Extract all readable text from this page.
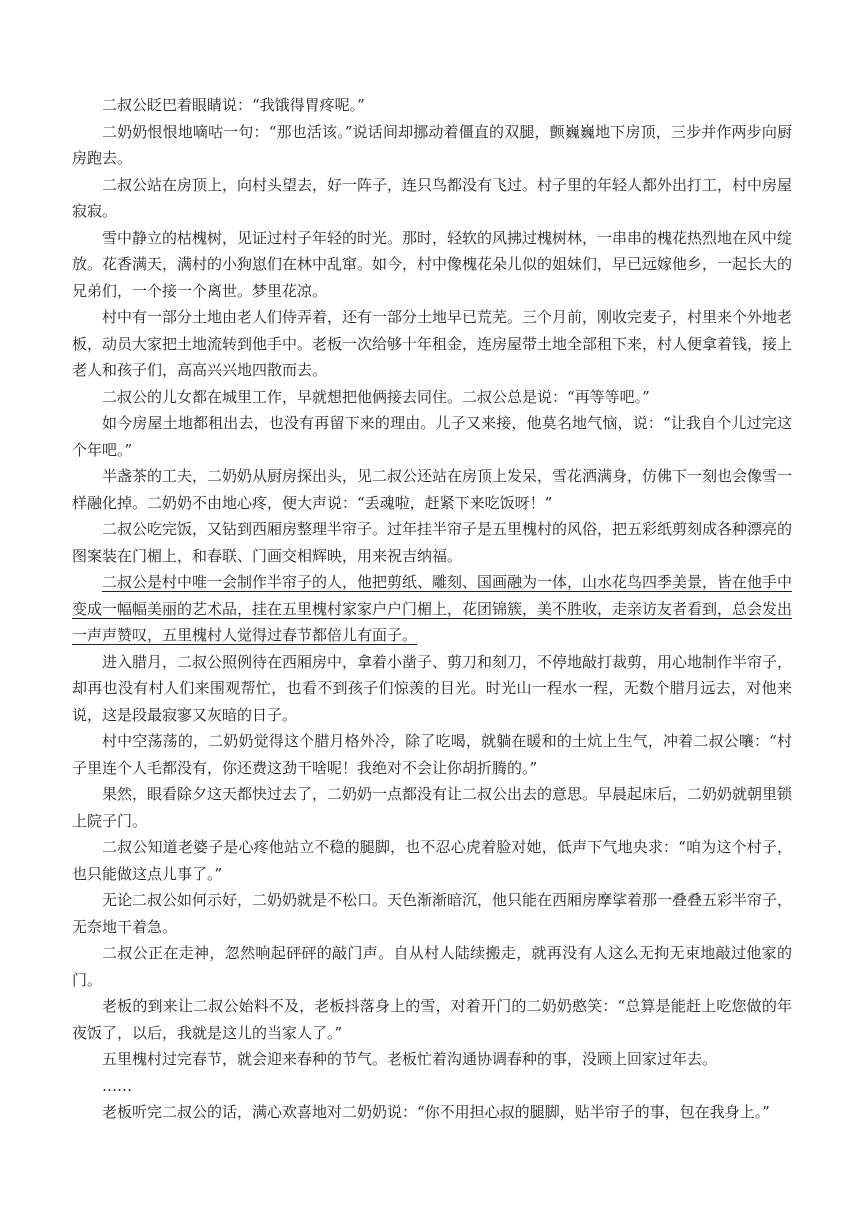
二叔公眨巴着眼睛说：“我饿得胃疼呢。”

二奶奶恨恨地嘀咕一句：“那也活该。”说话间却挪动着僵直的双腿，颤巍巍地下房顶，三步并作两步向厨房跑去。

二叔公站在房顶上，向村头望去，好一阵子，连只鸟都没有飞过。村子里的年轻人都外出打工，村中房屋寂寂。

雪中静立的枯槐树，见证过村子年轻的时光。那时，轻软的风拂过槐树林，一串串的槐花热烈地在风中绽放。花香满天，满村的小狗崽们在林中乱窜。如今，村中像槐花朵儿似的姐妹们，早已远嫁他乡，一起长大的兄弟们，一个接一个离世。梦里花凉。

村中有一部分土地由老人们侍弄着，还有一部分土地早已荒芜。三个月前，刚收完麦子，村里来个外地老板，动员大家把土地流转到他手中。老板一次给够十年租金，连房屋带土地全部租下来，村人便拿着钱，接上老人和孩子们，高高兴兴地四散而去。

二叔公的儿女都在城里工作，早就想把他俩接去同住。二叔公总是说：“再等等吧。”

如今房屋土地都租出去，也没有再留下来的理由。儿子又来接，他莫名地气恼，说：“让我自个儿过完这个年吧。”

半盏茶的工夫，二奶奶从厨房探出头，见二叔公还站在房顶上发呆，雪花洒满身，仿佛下一刻也会像雪一样融化掉。二奶奶不由地心疼，便大声说：“丢魂啦，赶紧下来吃饭呀！”

二叔公吃完饭，又钻到西厢房整理半帘子。过年挂半帘子是五里槐村的风俗，把五彩纸剪刻成各种漂亮的图案装在门楣上，和春联、门画交相辉映，用来祝吉纳福。

二叔公是村中唯一会制作半帘子的人，他把剪纸、雕刻、国画融为一体，山水花鸟四季美景，皆在他手中变成一幅幅美丽的艺术品，挂在五里槐村家家户户门楣上，花团锦簇，美不胜收，走亲访友者看到，总会发出一声声赞叹，五里槐村人觉得过春节都倍儿有面子。

进入腊月，二叔公照例待在西厢房中，拿着小凿子、剪刀和刻刀，不停地敲打裁剪，用心地制作半帘子，却再也没有村人们来围观帮忙，也看不到孩子们惊羡的目光。时光山一程水一程，无数个腊月远去，对他来说，这是段最寂寥又灰暗的日子。

村中空荡荡的，二奶奶觉得这个腊月格外冷，除了吃喝，就躺在暖和的土炕上生气，冲着二叔公嚷：“村子里连个人毛都没有，你还费这劲干啥呢！我绝对不会让你胡折腾的。”

果然，眼看除夕这天都快过去了，二奶奶一点都没有让二叔公出去的意思。早晨起床后，二奶奶就朝里锁上院子门。

二叔公知道老婆子是心疼他站立不稳的腿脚，也不忍心虎着脸对她，低声下气地央求：“咱为这个村子，也只能做这点儿事了。”

无论二叔公如何示好，二奶奶就是不松口。天色渐渐暗沉，他只能在西厢房摩挲着那一叠叠五彩半帘子，无奈地干着急。

二叔公正在走神，忽然响起砰砰的敲门声。自从村人陆续搬走，就再没有人这么无拘无束地敲过他家的门。

老板的到来让二叔公始料不及，老板抖落身上的雪，对着开门的二奶奶憨笑：“总算是能赶上吃您做的年夜饭了，以后，我就是这儿的当家人了。”

五里槐村过完春节，就会迎来春种的节气。老板忙着沟通协调春种的事，没顾上回家过年去。

……

老板听完二叔公的话，满心欢喜地对二奶奶说：“你不用担心叔的腿脚，贴半帘子的事，包在我身上。”
